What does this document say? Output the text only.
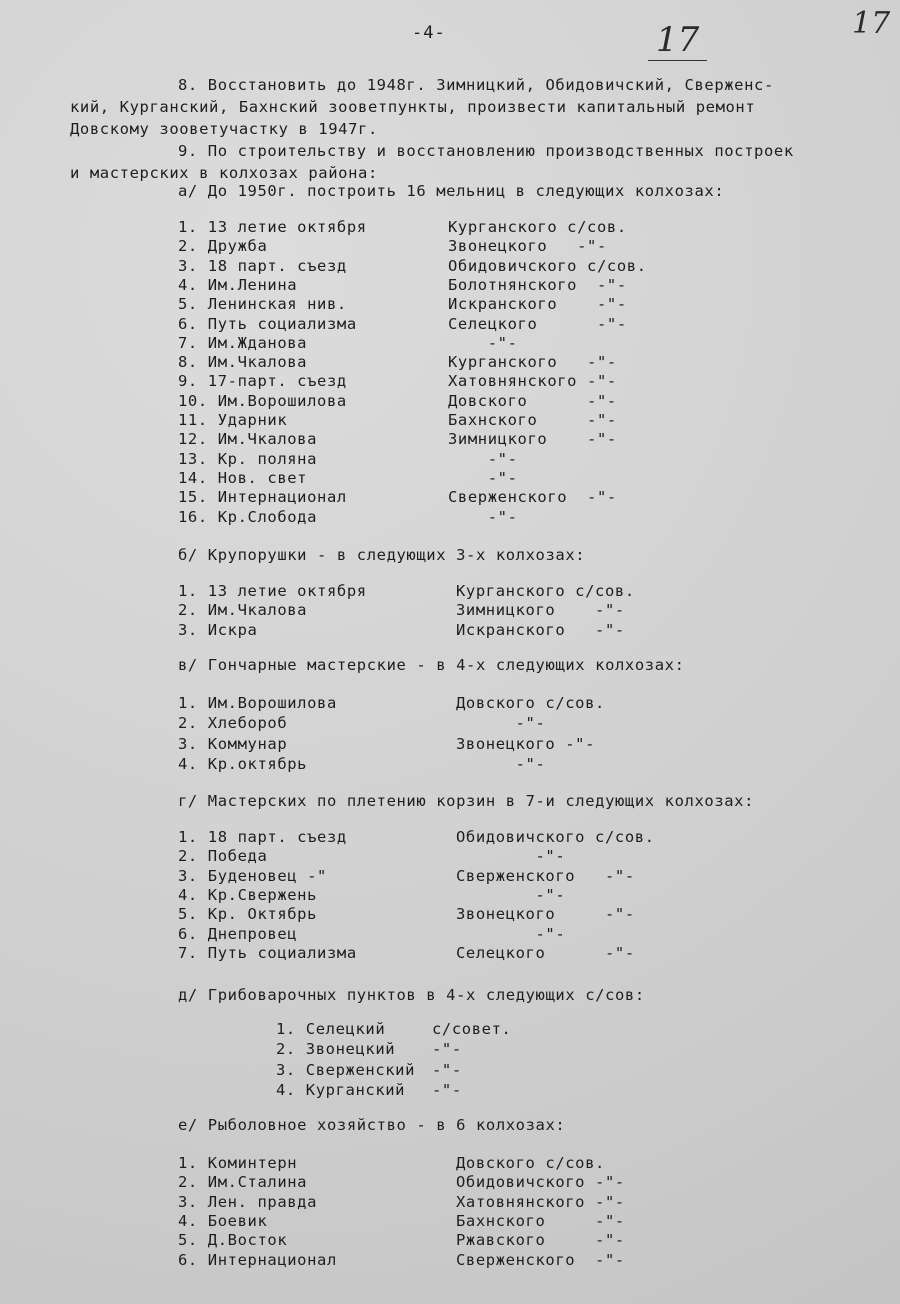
-4-	17	17
8. Восстановить до 1948г. Зимницкий, Обидовичский, Сверженс-
кий, Курганский, Бахнский зооветпункты, произвести капитальный ремонт
Довскому зооветучастку в 1947г.
9. По строительству и восстановлению производственных построек
и мастерских в колхозах района:
а/ До 1950г. построить 16 мельниц в следующих колхозах:
1. 13 летие октября	Курганского с/сов.
2. Дружба	Звонецкого   -"-
3. 18 парт. съезд	Обидовичского с/сов.
4. Им.Ленина	Болотнянского  -"-
5. Ленинская нив.	Искранского    -"-
6. Путь социализма	Селецкого      -"-
7. Им.Жданова	-"-
8. Им.Чкалова	Курганского   -"-
9. 17-парт. съезд	Хатовнянского -"-
10. Им.Ворошилова	Довского      -"-
11. Ударник	Бахнского     -"-
12. Им.Чкалова	Зимницкого    -"-
13. Кр. поляна	-"-
14. Нов. свет	-"-
15. Интернационал	Сверженского  -"-
16. Кр.Слобода	-"-
б/ Крупорушки - в следующих 3-х колхозах:
1. 13 летие октября	Курганского с/сов.
2. Им.Чкалова	Зимницкого    -"-
3. Искра	Искранского   -"-
в/ Гончарные мастерские - в 4-х следующих колхозах:
1. Им.Ворошилова	Довского с/сов.
2. Хлебороб	-"-
3. Коммунар	Звонецкого -"-
4. Кр.октябрь	-"-
г/ Мастерских по плетению корзин в 7-и следующих колхозах:
1. 18 парт. съезд	Обидовичского с/сов.
2. Победа	-"-
3. Буденовец -"	Сверженского   -"-
4. Кр.Свержень	-"-
5. Кр. Октябрь	Звонецкого     -"-
6. Днепровец	-"-
7. Путь социализма	Селецкого      -"-
д/ Грибоварочных пунктов в 4-х следующих с/сов:
1. Селецкий	с/совет.
2. Звонецкий -"-
3. Сверженский -"-
4. Курганский -"-
е/ Рыболовное хозяйство - в 6 колхозах:
1. Коминтерн	Довского с/сов.
2. Им.Сталина	Обидовичского -"-
3. Лен. правда	Хатовнянского -"-
4. Боевик	Бахнского     -"-
5. Д.Восток	Ржавского     -"-
6. Интернационал	Сверженского  -"-
